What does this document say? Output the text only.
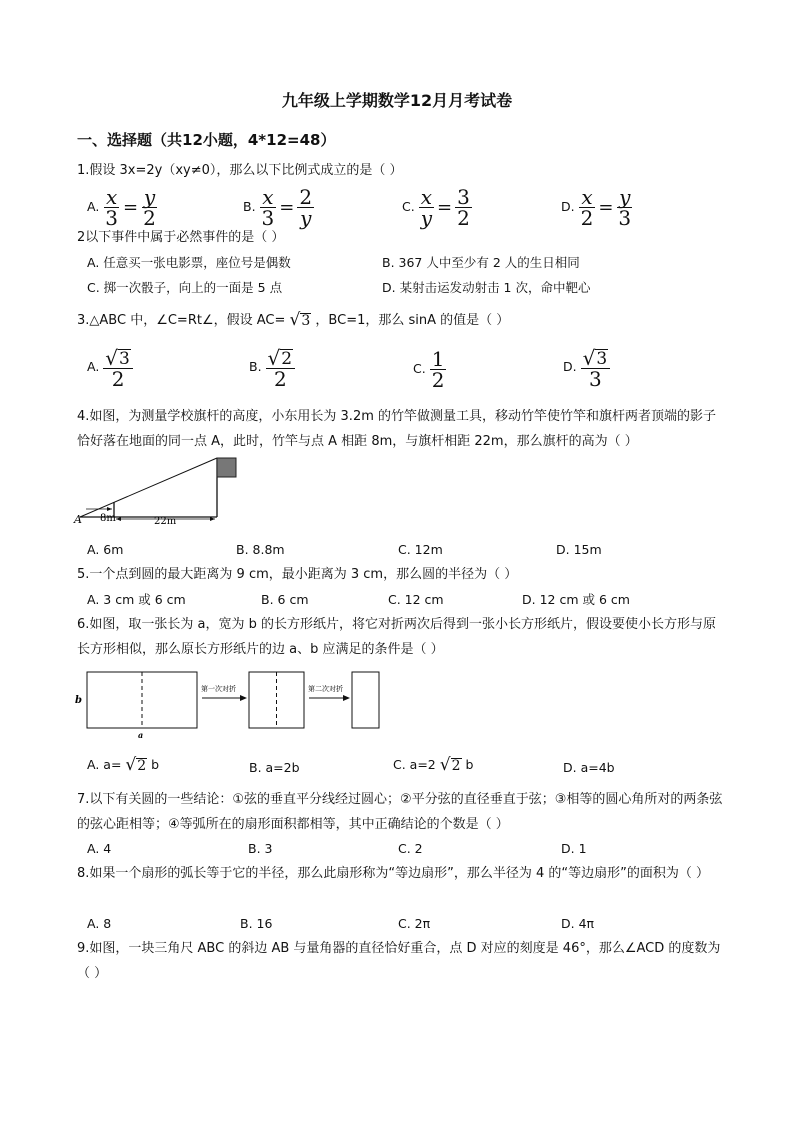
九年级上学期数学12月月考试卷
一、选择题（共12小题，4*12=48）
1.假设 3x=2y（xy≠0），那么以下比例式成立的是（ ）
A. $\frac{x}{3} = \frac{y}{2}$	B. $\frac{x}{3} = \frac{2}{y}$	C. $\frac{x}{y} = \frac{3}{2}$	D. $\frac{x}{2} = \frac{y}{3}$
2以下事件中属于必然事件的是（ ）
A. 任意买一张电影票，座位号是偶数	B. 367 人中至少有 2 人的生日相同
C. 掷一次骰子，向上的一面是 5 点	D. 某射击运发动射击 1 次，命中靶心
3.△ABC 中，∠C=Rt∠，假设 AC= √ 3 ，BC=1，那么 sinA 的值是（ ）
A. $\frac{√ 3}{2}$	B. $\frac{√ 2}{2}$	C. $\frac{1}{2}$	D. $\frac{√ 3}{3}$
4.如图，为测量学校旗杆的高度，小东用长为 3.2m 的竹竿做测量工具，移动竹竿使竹竿和旗杆两者顶端的影子恰好落在地面的同一点 A，此时，竹竿与点 A 相距 8m，与旗杆相距 22m，那么旗杆的高为（ ）
A 8m	22m
A. 6m	B. 8.8m	C. 12m	D. 15m
5.一个点到圆的最大距离为 9 cm，最小距离为 3 cm，那么圆的半径为（ ）
A. 3 cm 或 6 cm	B. 6 cm	C. 12 cm	D. 12 cm 或 6 cm
6.如图，取一张长为 a，宽为 b 的长方形纸片，将它对折两次后得到一张小长方形纸片，假设要使小长方形与原长方形相似，那么原长方形纸片的边 a、b 应满足的条件是（ ）
b
a
第一次对折	第二次对折
A. a= √ 2 b	B. a=2b	C. a=2 √ 2 b	D. a=4b
7.以下有关圆的一些结论：①弦的垂直平分线经过圆心；②平分弦的直径垂直于弦；③相等的圆心角所对的两条弦的弦心距相等；④等弧所在的扇形面积都相等，其中正确结论的个数是（ ）
A. 4	B. 3	C. 2	D. 1
8.如果一个扇形的弧长等于它的半径，那么此扇形称为“等边扇形”，那么半径为 4 的“等边扇形”的面积为（ ）
A. 8	B. 16	C. 2π	D. 4π
9.如图，一块三角尺 ABC 的斜边 AB 与量角器的直径恰好重合，点 D 对应的刻度是 46°，那么∠ACD 的度数为（ ）
